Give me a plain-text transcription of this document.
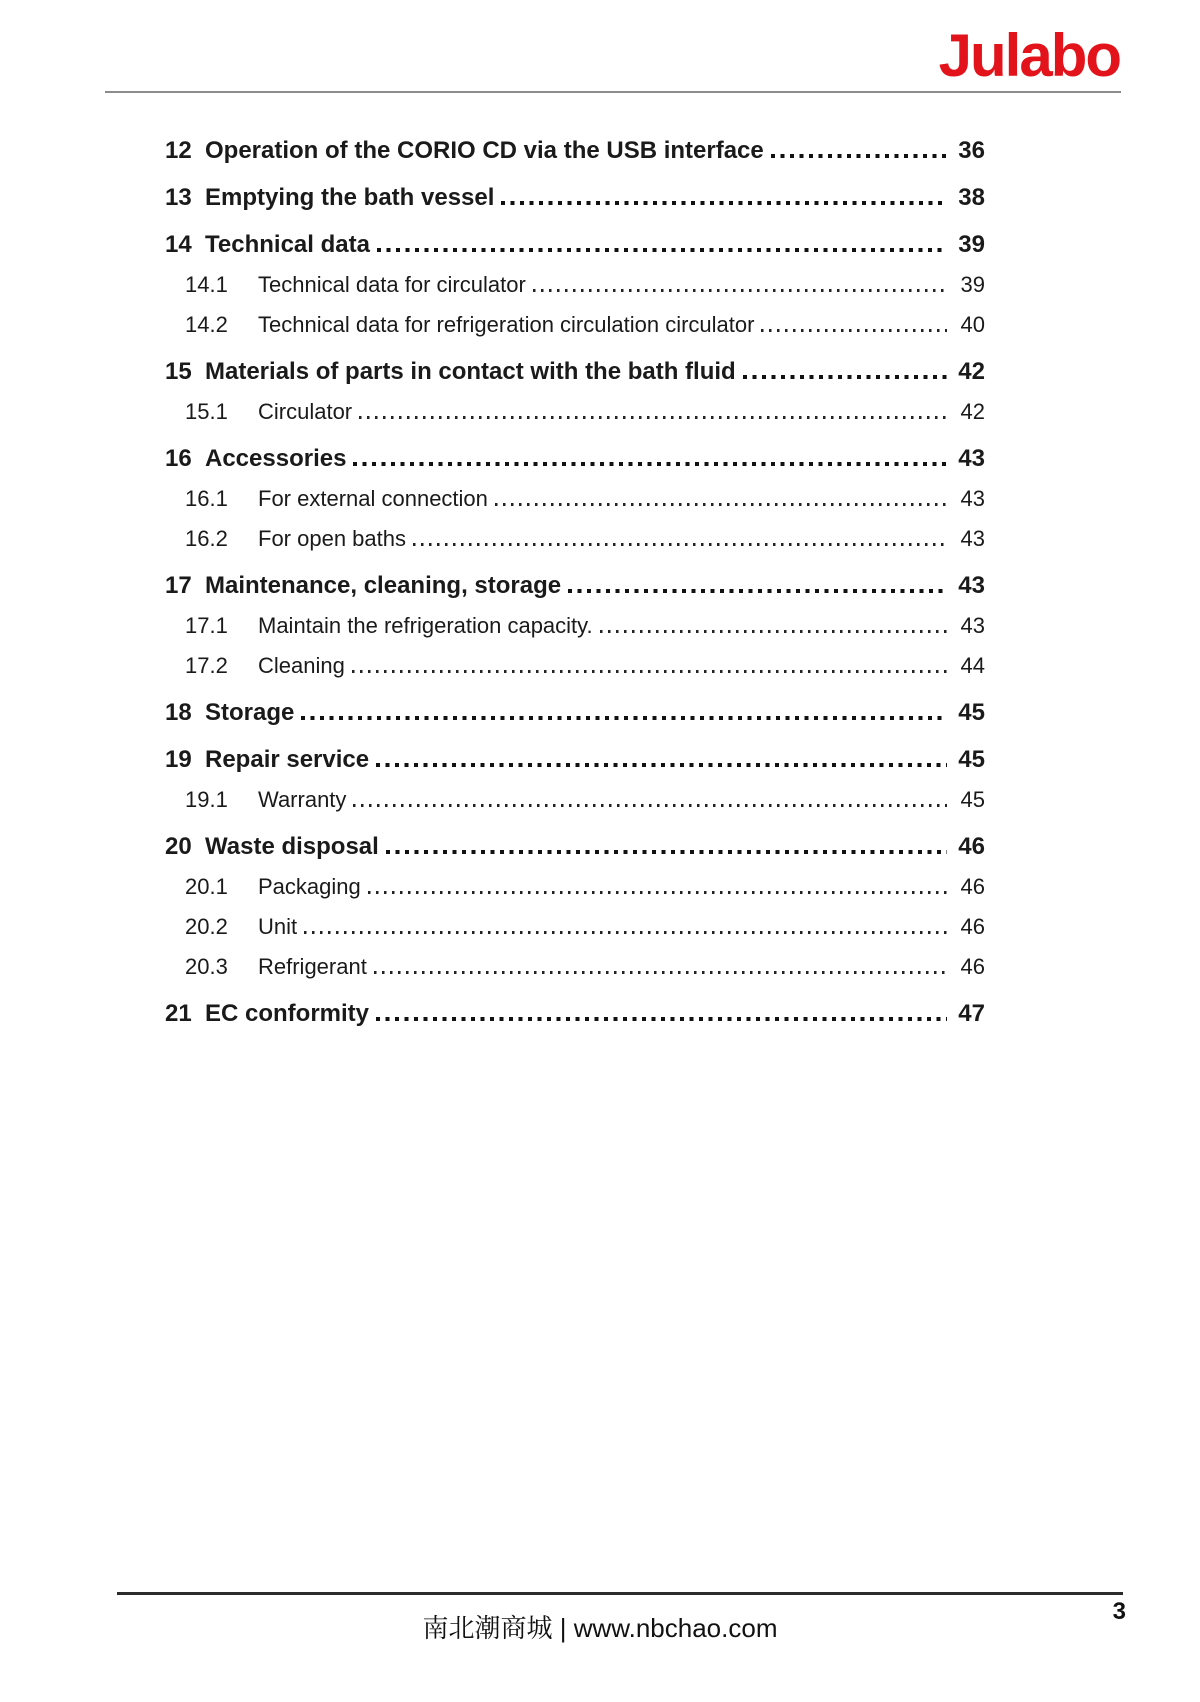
Julabo
12 Operation of the CORIO CD via the USB interface	36
13 Emptying the bath vessel	38
14 Technical data	39
14.1	Technical data for circulator	39
14.2	Technical data for refrigeration circulation circulator	40
15 Materials of parts in contact with the bath fluid	42
15.1	Circulator	42
16 Accessories	43
16.1	For external connection	43
16.2	For open baths	43
17 Maintenance, cleaning, storage	43
17.1	Maintain the refrigeration capacity.	43
17.2	Cleaning	44
18 Storage	45
19 Repair service	45
19.1	Warranty	45
20 Waste disposal	46
20.1	Packaging	46
20.2	Unit	46
20.3	Refrigerant	46
21 EC conformity	47
南北潮商城 | www.nbchao.com
3
